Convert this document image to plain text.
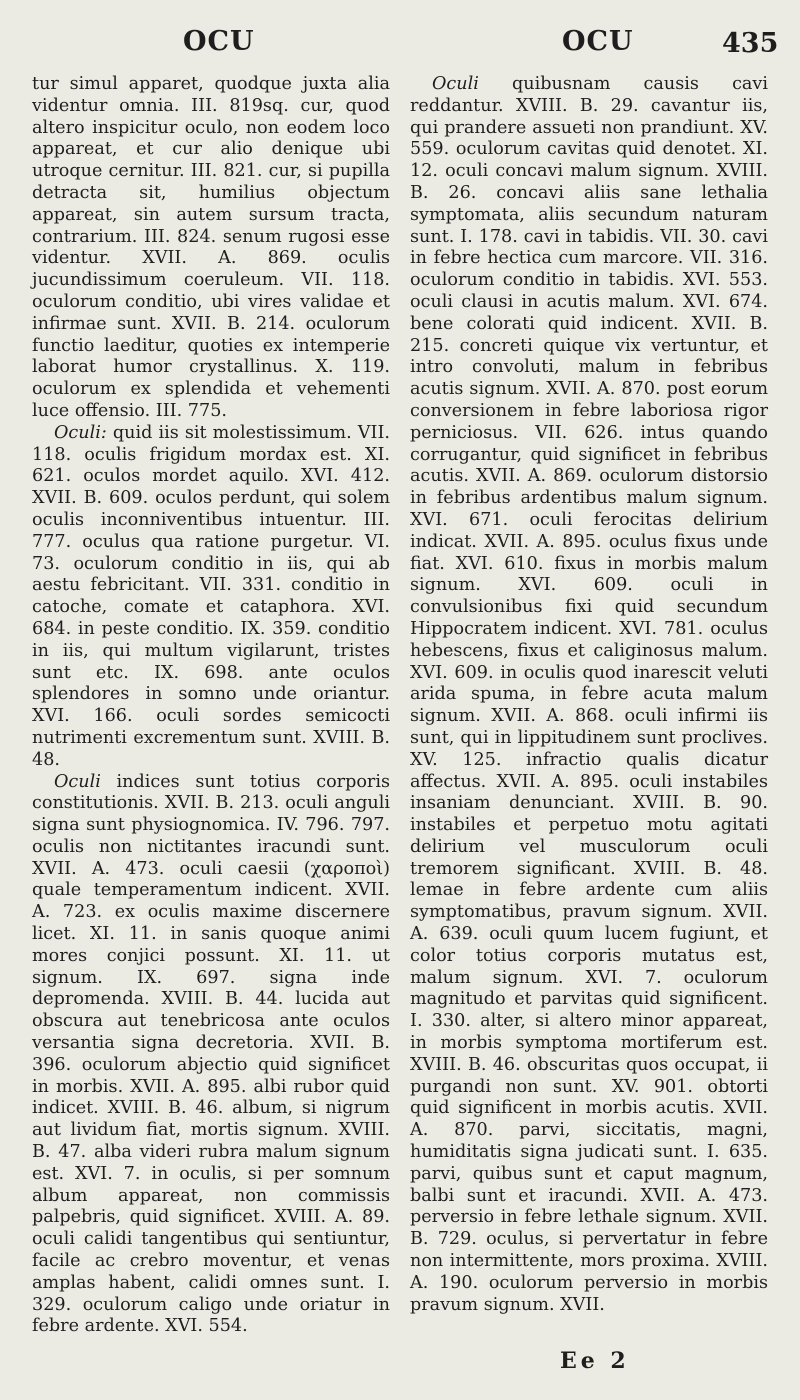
OCU	OCU	435

tur simul apparet, quodque juxta alia videntur omnia. III. 819sq. cur, quod altero inspicitur oculo, non eodem loco appareat, et cur alio denique ubi utroque cernitur. III. 821. cur, si pupilla detracta sit, humilius objectum appareat, sin autem sursum tracta, contrarium. III. 824. senum rugosi esse videntur. XVII. A. 869. oculis jucundissimum coeruleum. VII. 118. oculorum conditio, ubi vires validae et infirmae sunt. XVII. B. 214. oculorum functio laeditur, quoties ex intemperie laborat humor crystallinus. X. 119. oculorum ex splendida et vehementi luce offensio. III. 775.

Oculi: quid iis sit molestissimum. VII. 118. oculis frigidum mordax est. XI. 621. oculos mordet aquilo. XVI. 412. XVII. B. 609. oculos perdunt, qui solem oculis inconniventibus intuentur. III. 777. oculus qua ratione purgetur. VI. 73. oculorum conditio in iis, qui ab aestu febricitant. VII. 331. conditio in catoche, comate et cataphora. XVI. 684. in peste conditio. IX. 359. conditio in iis, qui multum vigilarunt, tristes sunt etc. IX. 698. ante oculos splendores in somno unde oriantur. XVI. 166. oculi sordes semicocti nutrimenti excrementum sunt. XVIII. B. 48.

Oculi indices sunt totius corporis constitutionis. XVII. B. 213. oculi anguli signa sunt physiognomica. IV. 796. 797. oculis non nictitantes iracundi sunt. XVII. A. 473. oculi caesii (χαροποὶ) quale temperamentum indicent. XVII. A. 723. ex oculis maxime discernere licet. XI. 11. in sanis quoque animi mores conjici possunt. XI. 11. ut signum. IX. 697. signa inde depromenda. XVIII. B. 44. lucida aut obscura aut tenebricosa ante oculos versantia signa decretoria. XVII. B. 396. oculorum abjectio quid significet in morbis. XVII. A. 895. albi rubor quid indicet. XVIII. B. 46. album, si nigrum aut lividum fiat, mortis signum. XVIII. B. 47. alba videri rubra malum signum est. XVI. 7. in oculis, si per somnum album appareat, non commissis palpebris, quid significet. XVIII. A. 89. oculi calidi tangentibus qui sentiuntur, facile ac crebro moventur, et venas amplas habent, calidi omnes sunt. I. 329. oculorum caligo unde oriatur in febre ardente. XVI. 554.

Oculi quibusnam causis cavi reddantur. XVIII. B. 29. cavantur iis, qui prandere assueti non prandiunt. XV. 559. oculorum cavitas quid denotet. XI. 12. oculi concavi malum signum. XVIII. B. 26. concavi aliis sane lethalia symptomata, aliis secundum naturam sunt. I. 178. cavi in tabidis. VII. 30. cavi in febre hectica cum marcore. VII. 316. oculorum conditio in tabidis. XVI. 553. oculi clausi in acutis malum. XVI. 674. bene colorati quid indicent. XVII. B. 215. concreti quique vix vertuntur, et intro convoluti, malum in febribus acutis signum. XVII. A. 870. post eorum conversionem in febre laboriosa rigor perniciosus. VII. 626. intus quando corrugantur, quid significet in febribus acutis. XVII. A. 869. oculorum distorsio in febribus ardentibus malum signum. XVI. 671. oculi ferocitas delirium indicat. XVII. A. 895. oculus fixus unde fiat. XVI. 610. fixus in morbis malum signum. XVI. 609. oculi in convulsionibus fixi quid secundum Hippocratem indicent. XVI. 781. oculus hebescens, fixus et caliginosus malum. XVI. 609. in oculis quod inarescit veluti arida spuma, in febre acuta malum signum. XVII. A. 868. oculi infirmi iis sunt, qui in lippitudinem sunt proclives. XV. 125. infractio qualis dicatur affectus. XVII. A. 895. oculi instabiles insaniam denunciant. XVIII. B. 90. instabiles et perpetuo motu agitati delirium vel musculorum oculi tremorem significant. XVIII. B. 48. lemae in febre ardente cum aliis symptomatibus, pravum signum. XVII. A. 639. oculi quum lucem fugiunt, et color totius corporis mutatus est, malum signum. XVI. 7. oculorum magnitudo et parvitas quid significent. I. 330. alter, si altero minor appareat, in morbis symptoma mortiferum est. XVIII. B. 46. obscuritas quos occupat, ii purgandi non sunt. XV. 901. obtorti quid significent in morbis acutis. XVII. A. 870. parvi, siccitatis, magni, humiditatis signa judicati sunt. I. 635. parvi, quibus sunt et caput magnum, balbi sunt et iracundi. XVII. A. 473. perversio in febre lethale signum. XVII. B. 729. oculus, si pervertatur in febre non intermittente, mors proxima. XVIII. A. 190. oculorum perversio in morbis pravum signum. XVII.

Ee 2
